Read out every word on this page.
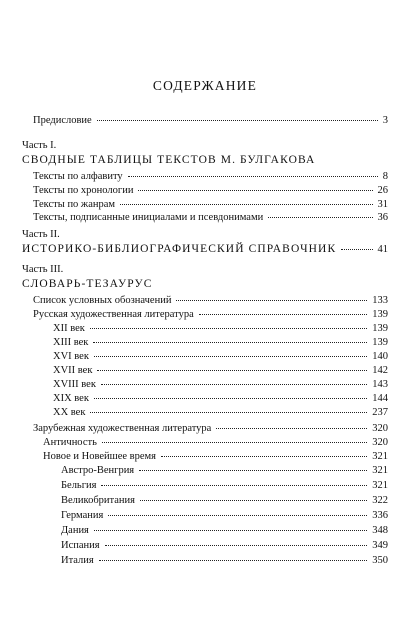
СОДЕРЖАНИЕ
Предисловие	3
Часть I.
СВОДНЫЕ ТАБЛИЦЫ ТЕКСТОВ М. БУЛГАКОВА
Тексты по алфавиту	8
Тексты по хронологии	26
Тексты по жанрам	31
Тексты, подписанные инициалами и псевдонимами	36
Часть II.
ИСТОРИКО-БИБЛИОГРАФИЧЕСКИЙ СПРАВОЧНИК	41
Часть III.
СЛОВАРЬ-ТЕЗАУРУС
Список условных обозначений	133
Русская художественная литература	139
XII век	139
XIII век	139
XVI век	140
XVII век	142
XVIII век	143
XIX век	144
XX век	237
Зарубежная художественная литература	320
Античность	320
Новое и Новейшее время	321
Австро-Венгрия	321
Бельгия	321
Великобритания	322
Германия	336
Дания	348
Испания	349
Италия	350
